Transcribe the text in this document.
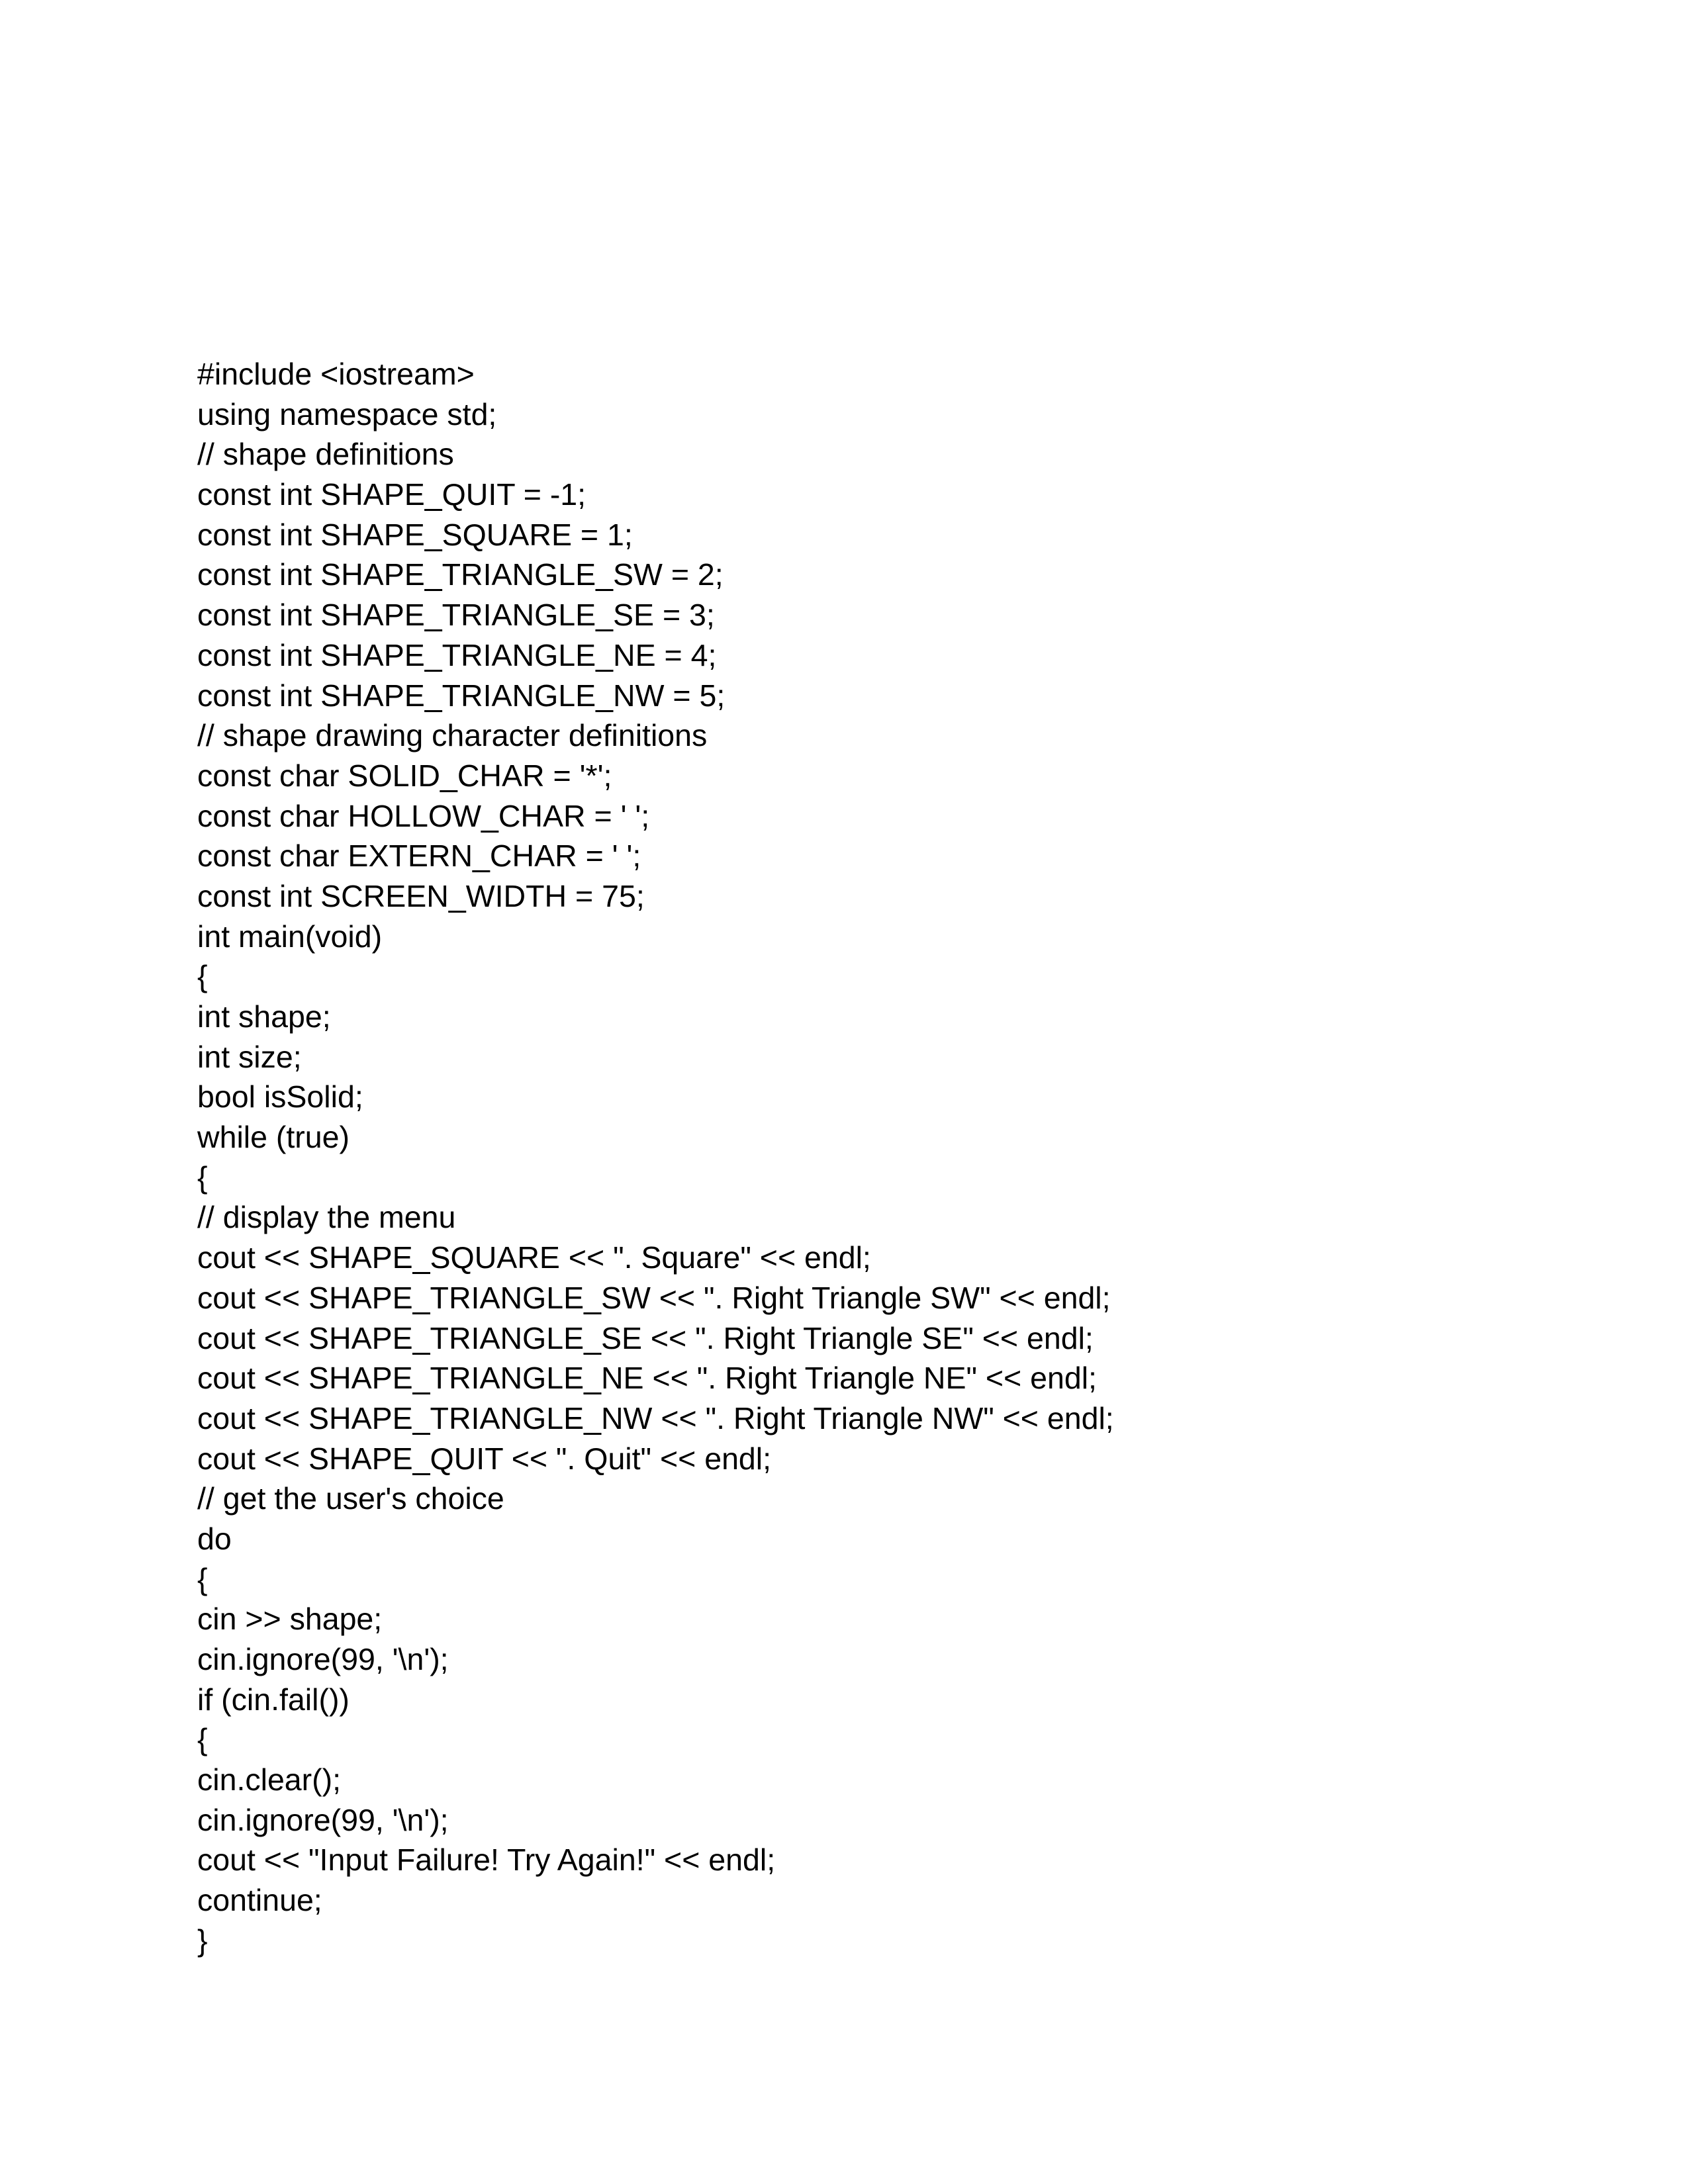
#include <iostream>
using namespace std;
// shape definitions
const int SHAPE_QUIT = -1;
const int SHAPE_SQUARE = 1;
const int SHAPE_TRIANGLE_SW = 2;
const int SHAPE_TRIANGLE_SE = 3;
const int SHAPE_TRIANGLE_NE = 4;
const int SHAPE_TRIANGLE_NW = 5;
// shape drawing character definitions
const char SOLID_CHAR = '*';
const char HOLLOW_CHAR = ' ';
const char EXTERN_CHAR = ' ';
const int SCREEN_WIDTH = 75;
int main(void)
{
int shape;
int size;
bool isSolid;
while (true)
{
// display the menu
cout << SHAPE_SQUARE << ". Square" << endl;
cout << SHAPE_TRIANGLE_SW << ". Right Triangle SW" << endl;
cout << SHAPE_TRIANGLE_SE << ". Right Triangle SE" << endl;
cout << SHAPE_TRIANGLE_NE << ". Right Triangle NE" << endl;
cout << SHAPE_TRIANGLE_NW << ". Right Triangle NW" << endl;
cout << SHAPE_QUIT << ". Quit" << endl;
// get the user's choice
do
{
cin >> shape;
cin.ignore(99, '\n');
if (cin.fail())
{
cin.clear();
cin.ignore(99, '\n');
cout << "Input Failure! Try Again!" << endl;
continue;
}
